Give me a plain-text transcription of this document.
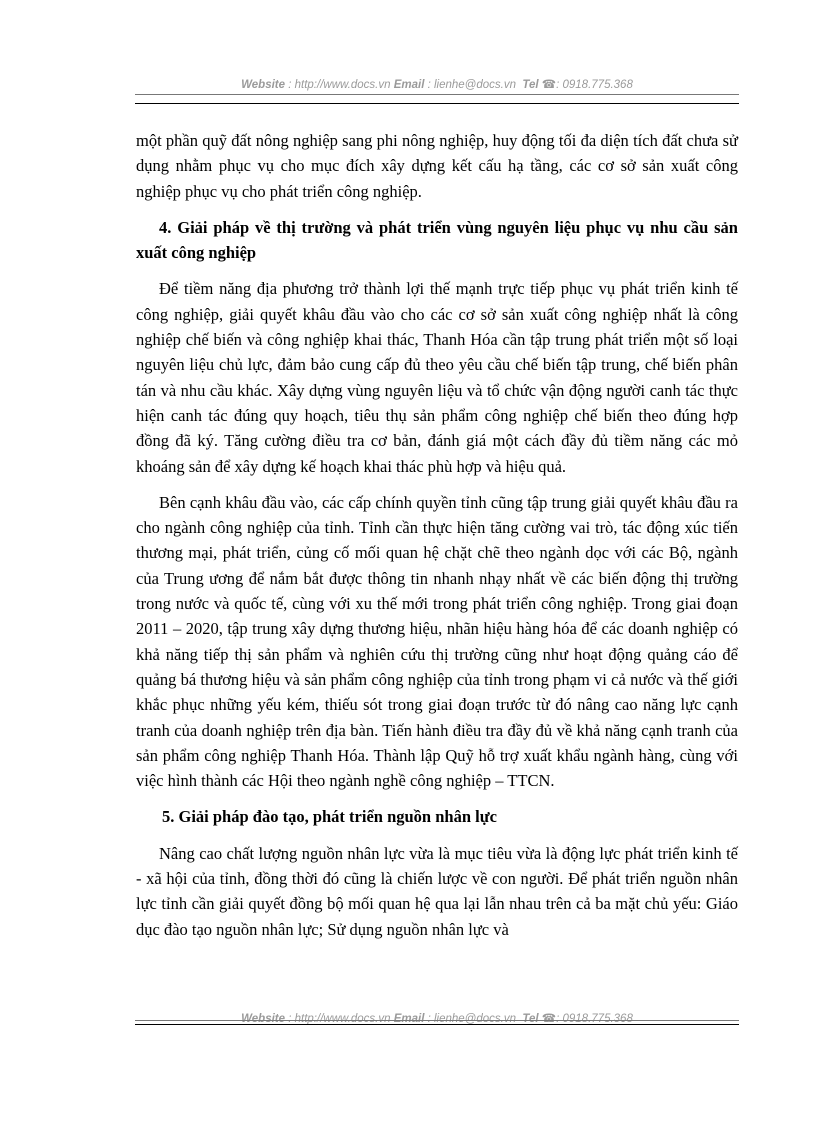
Website : http://www.docs.vn Email : lienhe@docs.vn Tel ☎: 0918.775.368

một phần quỹ đất nông nghiệp sang phi nông nghiệp, huy động tối đa diện tích đất chưa sử dụng nhằm phục vụ cho mục đích xây dựng kết cấu hạ tầng, các cơ sở sản xuất công nghiệp phục vụ cho phát triển công nghiệp.

4. Giải pháp về thị trường và phát triển vùng nguyên liệu phục vụ nhu cầu sản xuất công nghiệp

Để tiềm năng địa phương trở thành lợi thế mạnh trực tiếp phục vụ phát triển kinh tế công nghiệp, giải quyết khâu đầu vào cho các cơ sở sản xuất công nghiệp nhất là công nghiệp chế biến và công nghiệp khai thác, Thanh Hóa cần tập trung phát triển một số loại nguyên liệu chủ lực, đảm bảo cung cấp đủ theo yêu cầu chế biến tập trung, chế biến phân tán và nhu cầu khác. Xây dựng vùng nguyên liệu và tổ chức vận động người canh tác thực hiện canh tác đúng quy hoạch, tiêu thụ sản phẩm công nghiệp chế biến theo đúng hợp đồng đã ký. Tăng cường điều tra cơ bản, đánh giá một cách đầy đủ tiềm năng các mỏ khoáng sản để xây dựng kế hoạch khai thác phù hợp và hiệu quả.

Bên cạnh khâu đầu vào, các cấp chính quyền tỉnh cũng tập trung giải quyết khâu đầu ra cho ngành công nghiệp của tỉnh. Tỉnh cần thực hiện tăng cường vai trò, tác động xúc tiến thương mại, phát triển, củng cố mối quan hệ chặt chẽ theo ngành dọc với các Bộ, ngành của Trung ương để nắm bắt được thông tin nhanh nhạy nhất về các biến động thị trường trong nước và quốc tế, cùng với xu thế mới trong phát triển công nghiệp. Trong giai đoạn 2011 – 2020, tập trung xây dựng thương hiệu, nhãn hiệu hàng hóa để các doanh nghiệp có khả năng tiếp thị sản phẩm và nghiên cứu thị trường cũng như hoạt động quảng cáo để quảng bá thương hiệu và sản phẩm công nghiệp của tỉnh trong phạm vi cả nước và thế giới khắc phục những yếu kém, thiếu sót trong giai đoạn trước từ đó nâng cao năng lực cạnh tranh của doanh nghiệp trên địa bàn. Tiến hành điều tra đầy đủ về khả năng cạnh tranh của sản phẩm công nghiệp Thanh Hóa. Thành lập Quỹ hỗ trợ xuất khẩu ngành hàng, cùng với việc hình thành các Hội theo ngành nghề công nghiệp – TTCN.

5. Giải pháp đào tạo, phát triển nguồn nhân lực

Nâng cao chất lượng nguồn nhân lực vừa là mục tiêu vừa là động lực phát triển kinh tế - xã hội của tỉnh, đồng thời đó cũng là chiến lược về con người. Để phát triển nguồn nhân lực tỉnh cần giải quyết đồng bộ mối quan hệ qua lại lẫn nhau trên cả ba mặt chủ yếu: Giáo dục đào tạo nguồn nhân lực; Sử dụng nguồn nhân lực và

Website : http://www.docs.vn Email : lienhe@docs.vn Tel ☎: 0918.775.368
